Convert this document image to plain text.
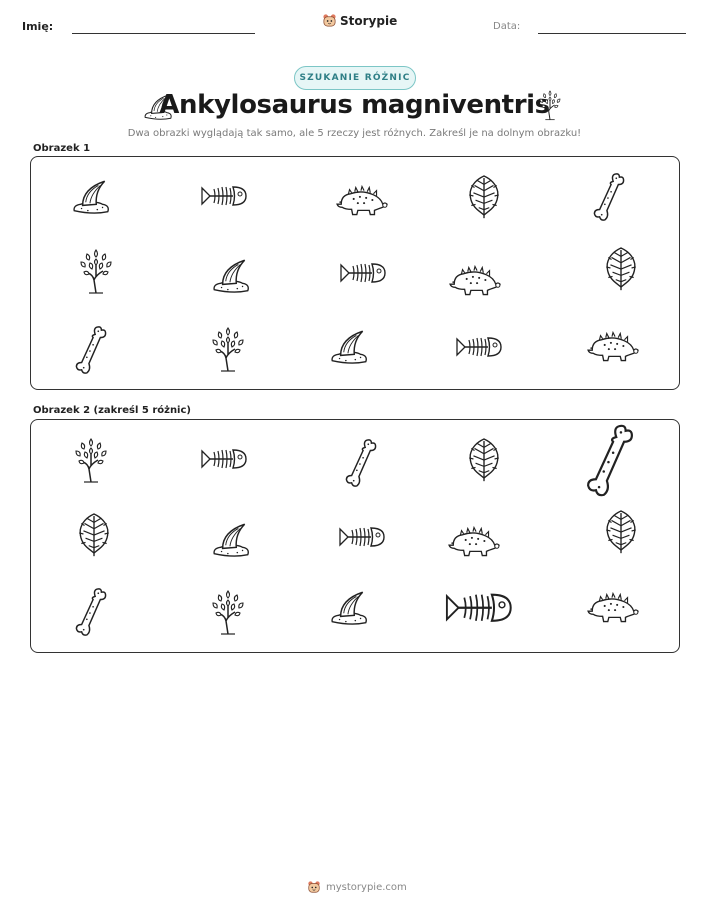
Imię:	Storypie	Data:
SZUKANIE RÓŻNIC
Ankylosaurus magniventris
Dwa obrazki wyglądają tak samo, ale 5 rzeczy jest różnych. Zakreśl je na dolnym obrazku!
Obrazek 1
Obrazek 2 (zakreśl 5 różnic)
mystorypie.com
